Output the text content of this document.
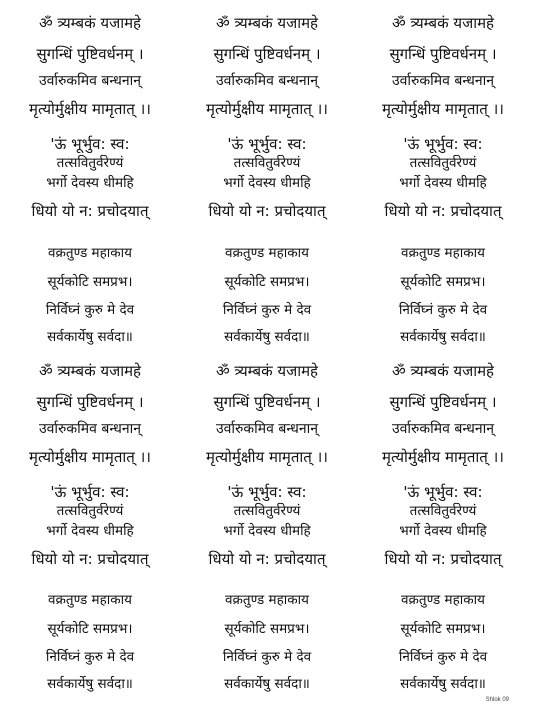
ॐ त्र्यम्बकं यजामहे
सुगन्धिं पुष्टिवर्धनम् ।
उर्वारुकमिव बन्धनान्
मृत्योर्मुक्षीय मामृतात् ।।
'ऊं भूर्भुव: स्व:
तत्सवितुर्वरेण्यं
भर्गो देवस्य धीमहि
धियो यो न: प्रचोदयात्
वक्रतुण्ड महाकाय
सूर्यकोटि समप्रभ।
निर्विघ्नं कुरु मे देव
सर्वकार्येषु सर्वदा॥
ॐ त्र्यम्बकं यजामहे
सुगन्धिं पुष्टिवर्धनम् ।
उर्वारुकमिव बन्धनान्
मृत्योर्मुक्षीय मामृतात् ।।
'ऊं भूर्भुव: स्व:
तत्सवितुर्वरेण्यं
भर्गो देवस्य धीमहि
धियो यो न: प्रचोदयात्
वक्रतुण्ड महाकाय
सूर्यकोटि समप्रभ।
निर्विघ्नं कुरु मे देव
सर्वकार्येषु सर्वदा॥
ॐ त्र्यम्बकं यजामहे
सुगन्धिं पुष्टिवर्धनम् ।
उर्वारुकमिव बन्धनान्
मृत्योर्मुक्षीय मामृतात् ।।
'ऊं भूर्भुव: स्व:
तत्सवितुर्वरेण्यं
भर्गो देवस्य धीमहि
धियो यो न: प्रचोदयात्
वक्रतुण्ड महाकाय
सूर्यकोटि समप्रभ।
निर्विघ्नं कुरु मे देव
सर्वकार्येषु सर्वदा॥
ॐ त्र्यम्बकं यजामहे
सुगन्धिं पुष्टिवर्धनम् ।
उर्वारुकमिव बन्धनान्
मृत्योर्मुक्षीय मामृतात् ।।
'ऊं भूर्भुव: स्व:
तत्सवितुर्वरेण्यं
भर्गो देवस्य धीमहि
धियो यो न: प्रचोदयात्
वक्रतुण्ड महाकाय
सूर्यकोटि समप्रभ।
निर्विघ्नं कुरु मे देव
सर्वकार्येषु सर्वदा॥
ॐ त्र्यम्बकं यजामहे
सुगन्धिं पुष्टिवर्धनम् ।
उर्वारुकमिव बन्धनान्
मृत्योर्मुक्षीय मामृतात् ।।
'ऊं भूर्भुव: स्व:
तत्सवितुर्वरेण्यं
भर्गो देवस्य धीमहि
धियो यो न: प्रचोदयात्
वक्रतुण्ड महाकाय
सूर्यकोटि समप्रभ।
निर्विघ्नं कुरु मे देव
सर्वकार्येषु सर्वदा॥
ॐ त्र्यम्बकं यजामहे
सुगन्धिं पुष्टिवर्धनम् ।
उर्वारुकमिव बन्धनान्
मृत्योर्मुक्षीय मामृतात् ।।
'ऊं भूर्भुव: स्व:
तत्सवितुर्वरेण्यं
भर्गो देवस्य धीमहि
धियो यो न: प्रचोदयात्
वक्रतुण्ड महाकाय
सूर्यकोटि समप्रभ।
निर्विघ्नं कुरु मे देव
सर्वकार्येषु सर्वदा॥
Shlok 09
